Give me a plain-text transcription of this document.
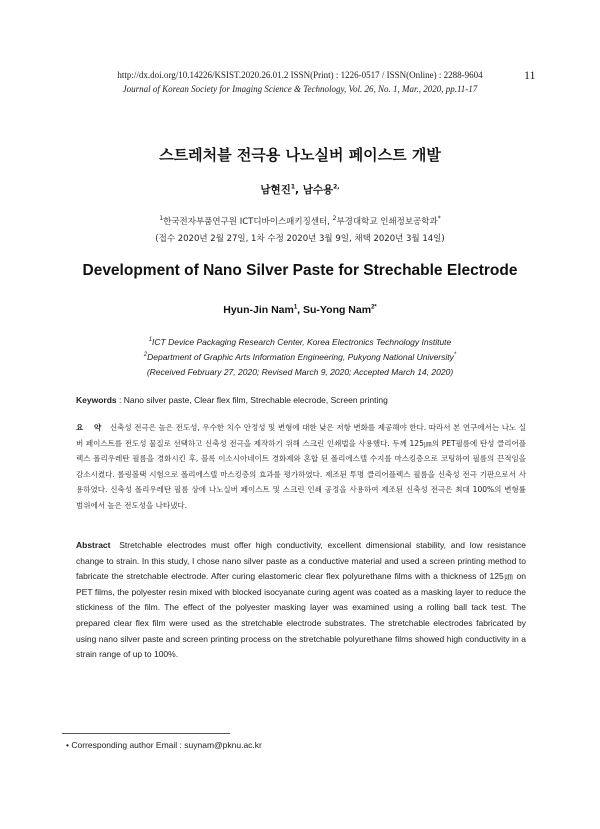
http://dx.doi.org/10.14226/KSIST.2020.26.01.2 ISSN(Print) : 1226-0517 / ISSN(Online) : 2288-9604	11
Journal of Korean Society for Imaging Science & Technology, Vol. 26, No. 1, Mar., 2020, pp.11-17
스트레처블 전극용 나노실버 페이스트 개발
남현진$^1$, 남수용$^{2,}$
$^1$한국전자부품연구원 ICT디바이스패키징센터, $^2$부경대학교 인쇄정보공학과*
(접수 2020년 2월 27일, 1차 수정 2020년 3월 9일, 채택 2020년 3월 14일)
Development of Nano Silver Paste for Strechable Electrode
Hyun-Jin Nam$^1$, Su-Yong Nam$^{2*}$
$^1$ICT Device Packaging Research Center, Korea Electronics Technology Institute
$^2$Department of Graphic Arts Information Engineering, Pukyong National University*
(Received February 27, 2020; Revised March 9, 2020; Accepted March 14, 2020)
Keywords : Nano silver paste, Clear flex film, Strechable elecrode, Screen printing
요 약 신축성 전극은 높은 전도성, 우수한 치수 안정성 및 변형에 대한 낮은 저항 변화를 제공해야 한다. 따라서 본 연구에서는 나노 실버 페이스트를 전도성 물질로 선택하고 신축성 전극을 제작하기 위해 스크린 인쇄법을 사용했다. 두께 125㎛의 PET필름에 탄성 클리어플렉스 폴리우레탄 필름을 경화시킨 후, 블록 이소시아네이트 경화제와 혼합 된 폴리에스텔 수지를 마스킹층으로 코팅하여 필름의 끈적임을 감소시켰다. 롤링볼택 시험으로 폴리에스텔 마스킹층의 효과를 평가하였다. 제조된 투명 클리어플렉스 필름을 신축성 전극 기판으로서 사용하였다. 신축성 폴리우레탄 필름 상에 나노실버 페이스트 및 스크린 인쇄 공정을 사용하여 제조된 신축성 전극은 최대 100%의 변형률 범위에서 높은 전도성을 나타냈다.
Abstract Stretchable electrodes must offer high conductivity, excellent dimensional stability, and low resistance change to strain. In this study, I chose nano silver paste as a conductive material and used a screen printing method to fabricate the stretchable electrode. After curing elastomeric clear flex polyurethane films with a thickness of 125㎛ on PET films, the polyester resin mixed with blocked isocyanate curing agent was coated as a masking layer to reduce the stickiness of the film. The effect of the polyester masking layer was examined using a rolling ball tack test. The prepared clear flex film were used as the stretchable electrode substrates. The stretchable electrodes fabricated by using nano silver paste and screen printing process on the stretchable polyurethane films showed high conductivity in a strain range of up to 100%.
• Corresponding author Email : suynam@pknu.ac.kr
